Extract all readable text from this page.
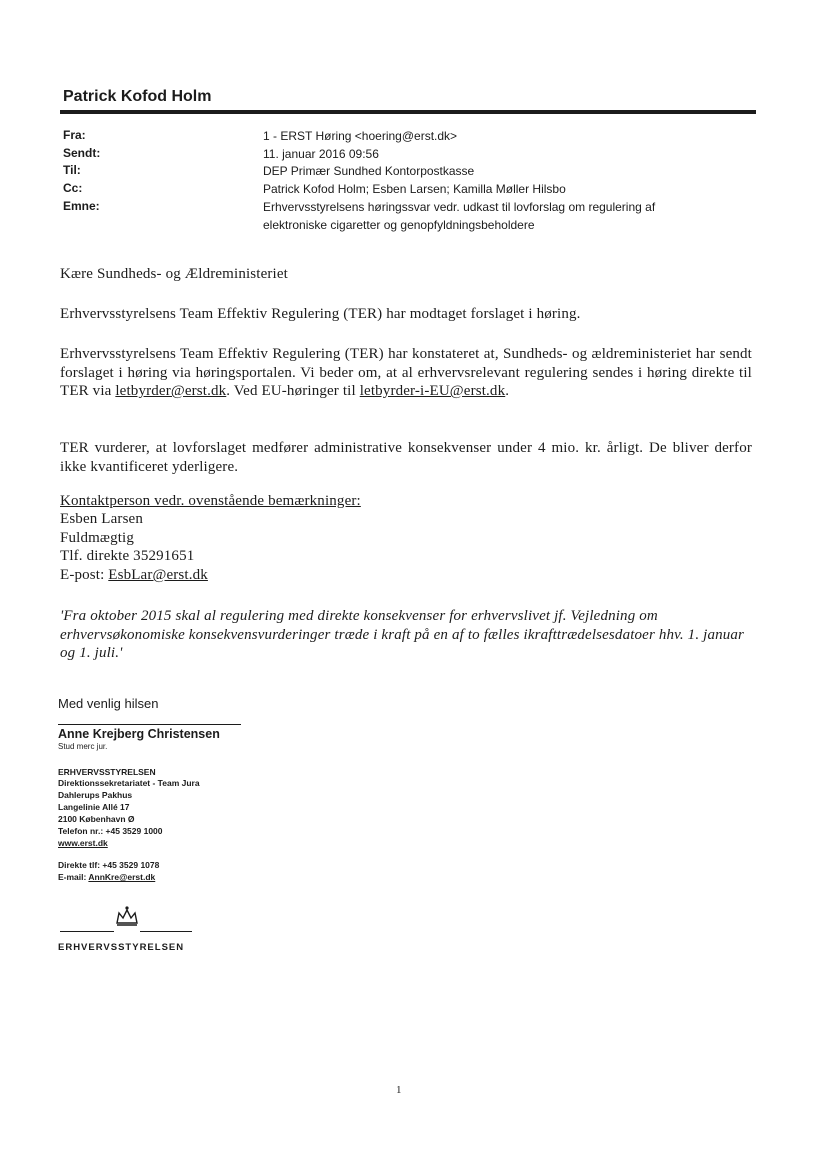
Patrick Kofod Holm
Fra:
Sendt:
Til:
Cc:
Emne:
1 - ERST Høring <hoering@erst.dk>
11. januar 2016 09:56
DEP Primær Sundhed Kontorpostkasse
Patrick Kofod Holm; Esben Larsen; Kamilla Møller Hilsbo
Erhvervsstyrelsens høringssvar vedr. udkast til lovforslag om regulering af
elektroniske cigaretter og genopfyldningsbeholdere
Kære Sundheds- og Ældreministeriet
Erhvervsstyrelsens Team Effektiv Regulering (TER) har modtaget forslaget i høring.
Erhvervsstyrelsens Team Effektiv Regulering (TER) har konstateret at, Sundheds- og ældreministeriet har sendt forslaget i høring via høringsportalen. Vi beder om, at al erhvervsrelevant regulering sendes i høring direkte til TER via letbyrder@erst.dk. Ved EU-høringer til letbyrder-i-EU@erst.dk.
TER vurderer, at lovforslaget medfører administrative konsekvenser under 4 mio. kr. årligt. De bliver derfor ikke kvantificeret yderligere.
Kontaktperson vedr. ovenstående bemærkninger:
Esben Larsen
Fuldmægtig
Tlf. direkte 35291651
E-post: EsbLar@erst.dk
'Fra oktober 2015 skal al regulering med direkte konsekvenser for erhvervslivet jf. Vejledning om erhvervsøkonomiske konsekvensvurderinger træde i kraft på en af to fælles ikrafttrædelsesdatoer hhv. 1. januar og 1. juli.'
Med venlig hilsen
Anne Krejberg Christensen
Stud merc jur.
ERHVERVSSTYRELSEN
Direktionssekretariatet - Team Jura
Dahlerups Pakhus
Langelinie Allé 17
2100 København Ø
Telefon nr.: +45 3529 1000
www.erst.dk
Direkte tlf: +45 3529 1078
E-mail: AnnKre@erst.dk
ERHVERVSSTYRELSEN
1
